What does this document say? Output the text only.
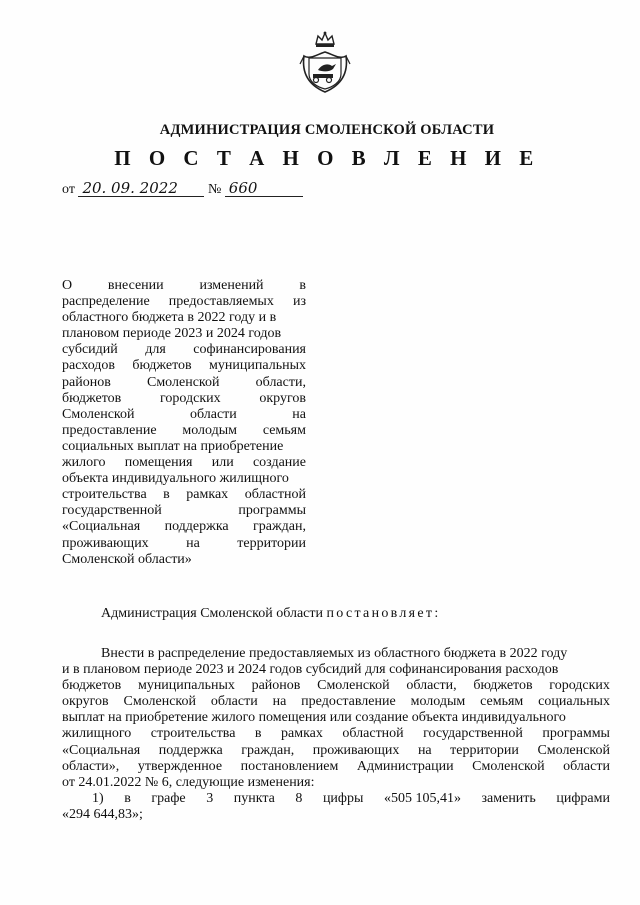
АДМИНИСТРАЦИЯ СМОЛЕНСКОЙ ОБЛАСТИ
П О С Т А Н О В Л Е Н И Е
от 20. 09. 2022 № 660
О	внесении	изменений	в
распределение предоставляемых из
областного бюджета в 2022 году и в
плановом периоде 2023 и 2024 годов
субсидий для софинансирования
расходов бюджетов муниципальных
районов	Смоленской	области,
бюджетов	городских	округов
Смоленской	области	на
предоставление молодым семьям
социальных выплат на приобретение
жилого помещения или создание
объекта индивидуального жилищного
строительства в рамках областной
государственной	программы
«Социальная поддержка граждан,
проживающих	на	территории
Смоленской области»
Администрация Смоленской области постановляет:
Внести в распределение предоставляемых из областного бюджета в 2022 году
и в плановом периоде 2023 и 2024 годов субсидий для софинансирования расходов
бюджетов муниципальных районов Смоленской области, бюджетов городских
округов Смоленской области на предоставление молодым семьям социальных
выплат на приобретение жилого помещения или создание объекта индивидуального
жилищного строительства в рамках областной государственной программы
«Социальная поддержка граждан, проживающих на территории Смоленской
области», утвержденное постановлением Администрации Смоленской области
от 24.01.2022 № 6, следующие изменения:
1) в графе 3 пункта 8 цифры «505 105,41» заменить цифрами
«294 644,83»;
